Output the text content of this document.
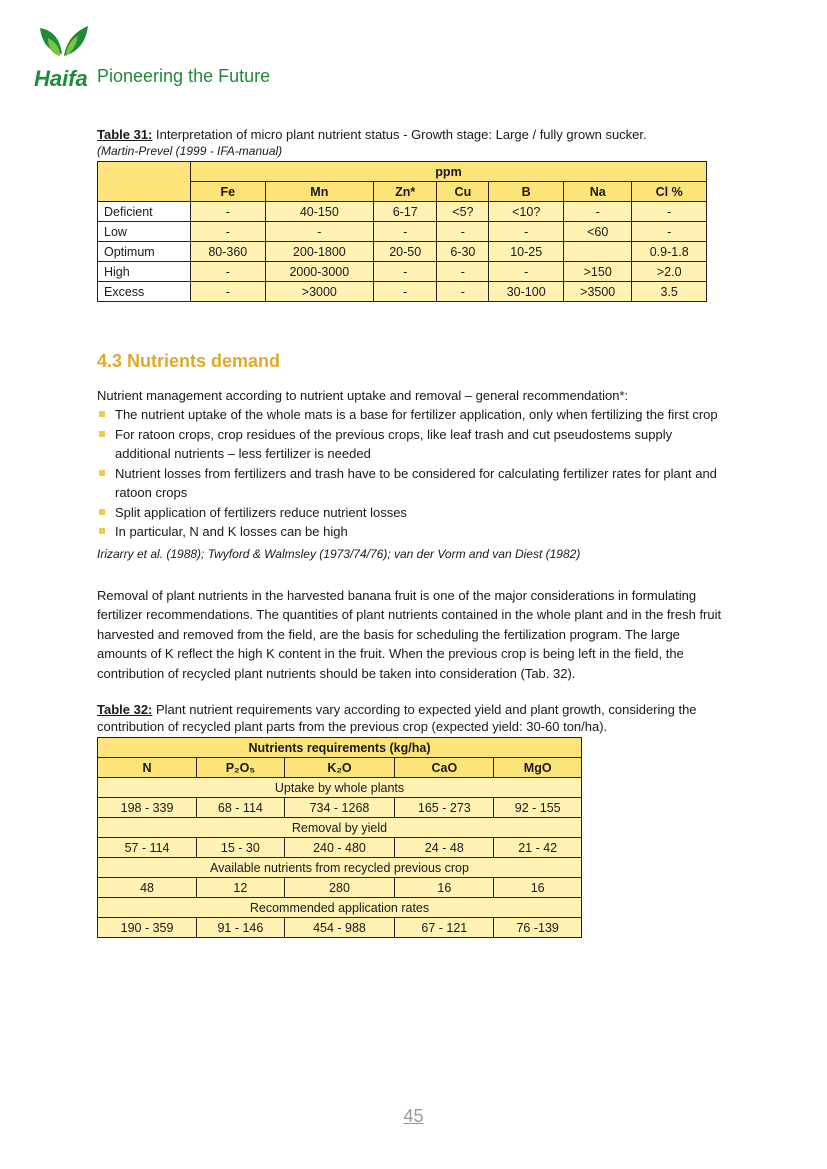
Haifa Pioneering the Future
Table 31: Interpretation of micro plant nutrient status - Growth stage: Large / fully grown sucker.
(Martin-Prevel (1999 - IFA-manual)
	ppm						
	Fe	Mn	Zn*	Cu	B	Na	Cl %
Deficient	-	40-150	6-17	<5?	<10?	-	-
Low	-	-	-	-	-	<60	-
Optimum	80-360	200-1800	20-50	6-30	10-25		0.9-1.8
High	-	2000-3000	-	-	-	>150	>2.0
Excess	-	>3000	-	-	30-100	>3500	3.5
4.3 Nutrients demand

Nutrient management according to nutrient uptake and removal – general recommendation*:

The nutrient uptake of the whole mats is a base for fertilizer application, only when fertilizing the first crop
For ratoon crops, crop residues of the previous crops, like leaf trash and cut pseudostems supply additional nutrients – less fertilizer is needed
Nutrient losses from fertilizers and trash have to be considered for calculating fertilizer rates for plant and ratoon crops
Split application of fertilizers reduce nutrient losses
In particular, N and K losses can be high
Irizarry et al. (1988); Twyford & Walmsley (1973/74/76); van der Vorm and van Diest (1982)

Removal of plant nutrients in the harvested banana fruit is one of the major considerations in formulating fertilizer recommendations. The quantities of plant nutrients contained in the whole plant and in the fresh fruit harvested and removed from the field, are the basis for scheduling the fertilization program. The large amounts of K reflect the high K content in the fruit. When the previous crop is being left in the field, the contribution of recycled plant nutrients should be taken into consideration (Tab. 32).

Table 32: Plant nutrient requirements vary according to expected yield and plant growth, considering the contribution of recycled plant parts from the previous crop (expected yield: 30-60 ton/ha).
Nutrients requirements (kg/ha)				
N	P₂O₅	K₂O	CaO	MgO
Uptake by whole plants				
198 - 339	68 - 114	734 - 1268	165 - 273	92 - 155
Removal by yield				
57 - 114	15 - 30	240 - 480	24 - 48	21 - 42
Available nutrients from recycled previous crop				
48	12	280	16	16
Recommended application rates				
190 - 359	91 - 146	454 - 988	67 - 121	76 -139
45
